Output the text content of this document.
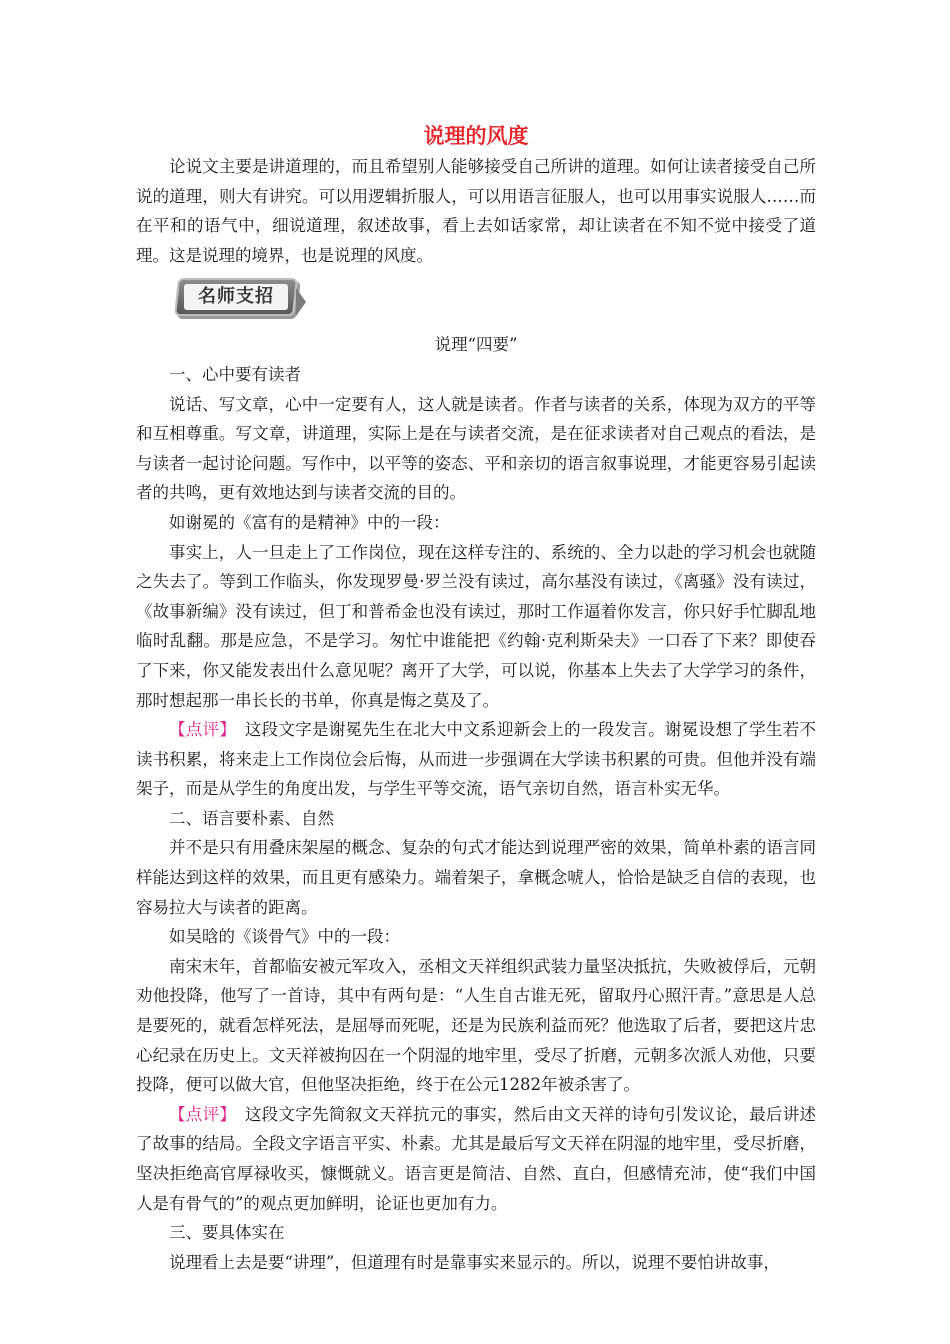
说理的风度

论说文主要是讲道理的，而且希望别人能够接受自己所讲的道理。如何让读者接受自己所说的道理，则大有讲究。可以用逻辑折服人，可以用语言征服人，也可以用事实说服人……而在平和的语气中，细说道理，叙述故事，看上去如话家常，却让读者在不知不觉中接受了道理。这是说理的境界，也是说理的风度。

名师支招

说理“四要”

一、心中要有读者

说话、写文章，心中一定要有人，这人就是读者。作者与读者的关系，体现为双方的平等和互相尊重。写文章，讲道理，实际上是在与读者交流，是在征求读者对自己观点的看法，是与读者一起讨论问题。写作中，以平等的姿态、平和亲切的语言叙事说理，才能更容易引起读者的共鸣，更有效地达到与读者交流的目的。

如谢冕的《富有的是精神》中的一段：

事实上，人一旦走上了工作岗位，现在这样专注的、系统的、全力以赴的学习机会也就随之失去了。等到工作临头，你发现罗曼·罗兰没有读过，高尔基没有读过，《离骚》没有读过，《故事新编》没有读过，但丁和普希金也没有读过，那时工作逼着你发言，你只好手忙脚乱地临时乱翻。那是应急，不是学习。匆忙中谁能把《约翰·克利斯朵夫》一口吞了下来？即使吞了下来，你又能发表出什么意见呢？离开了大学，可以说，你基本上失去了大学学习的条件，那时想起那一串长长的书单，你真是悔之莫及了。

【点评】　 这段文字是谢冕先生在北大中文系迎新会上的一段发言。谢冕设想了学生若不读书积累，将来走上工作岗位会后悔，从而进一步强调在大学读书积累的可贵。但他并没有端架子，而是从学生的角度出发，与学生平等交流，语气亲切自然，语言朴实无华。

二、语言要朴素、自然

并不是只有用叠床架屋的概念、复杂的句式才能达到说理严密的效果，简单朴素的语言同样能达到这样的效果，而且更有感染力。端着架子，拿概念唬人，恰恰是缺乏自信的表现，也容易拉大与读者的距离。

如吴晗的《谈骨气》中的一段：

南宋末年，首都临安被元军攻入，丞相文天祥组织武装力量坚决抵抗，失败被俘后，元朝劝他投降，他写了一首诗，其中有两句是：“人生自古谁无死，留取丹心照汗青。”意思是人总是要死的，就看怎样死法，是屈辱而死呢，还是为民族利益而死？他选取了后者，要把这片忠心纪录在历史上。文天祥被拘囚在一个阴湿的地牢里，受尽了折磨，元朝多次派人劝他，只要投降，便可以做大官，但他坚决拒绝，终于在公元1282年被杀害了。

【点评】　 这段文字先简叙文天祥抗元的事实，然后由文天祥的诗句引发议论，最后讲述了故事的结局。全段文字语言平实、朴素。尤其是最后写文天祥在阴湿的地牢里，受尽折磨，坚决拒绝高官厚禄收买，慷慨就义。语言更是简洁、自然、直白，但感情充沛，使“我们中国人是有骨气的”的观点更加鲜明，论证也更加有力。

三、要具体实在

说理看上去是要“讲理”，但道理有时是靠事实来显示的。所以，说理不要怕讲故事，
